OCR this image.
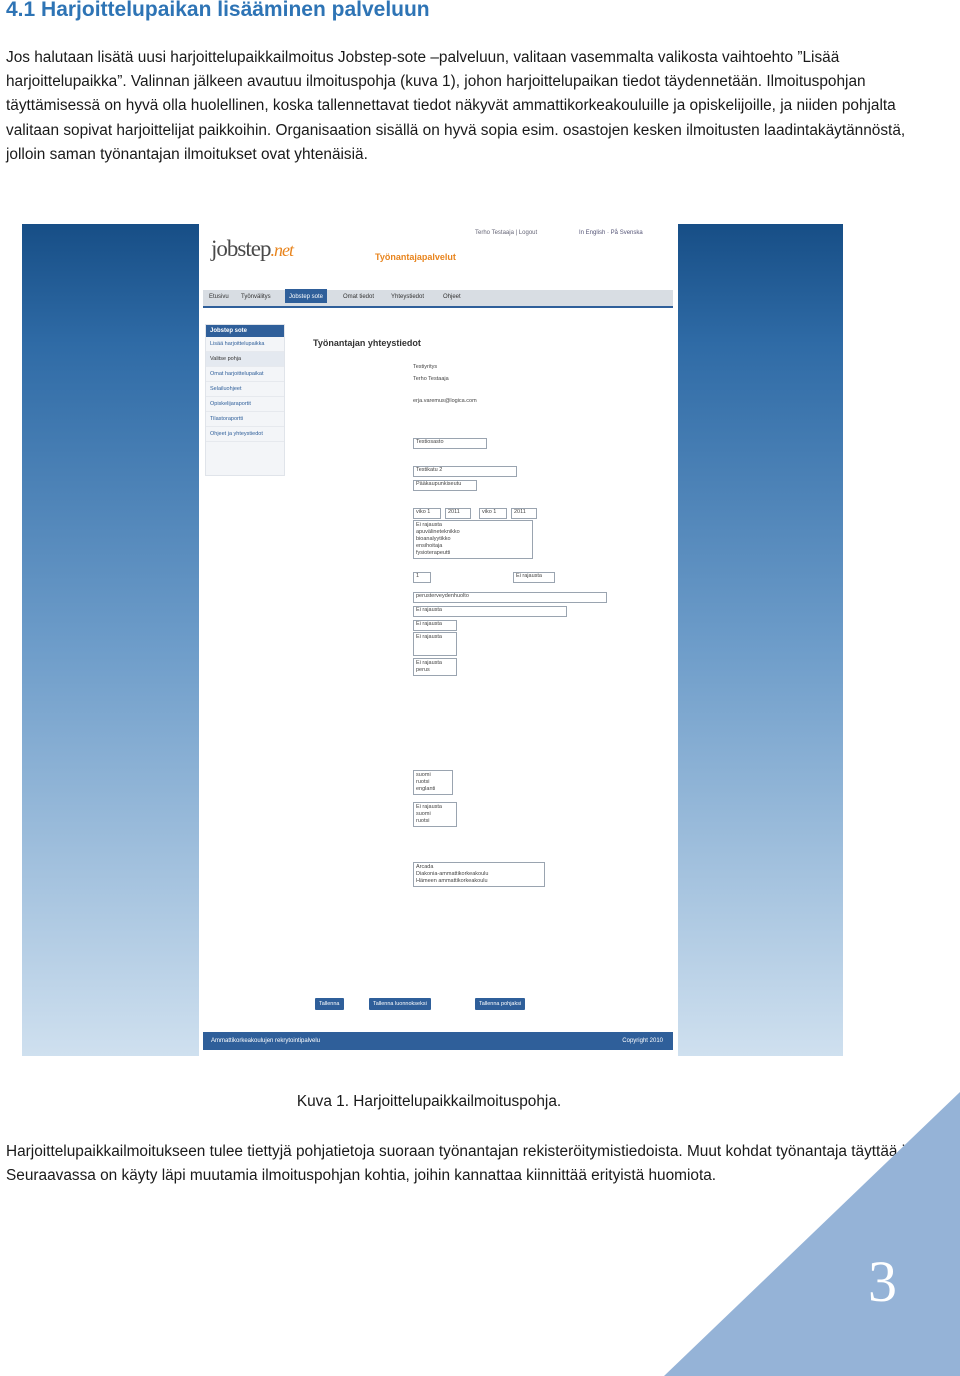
4.1 Harjoittelupaikan lisääminen palveluun

Jos halutaan lisätä uusi harjoittelupaikkailmoitus Jobstep-sote –palveluun, valitaan vasemmalta valikosta vaihtoehto ”Lisää harjoittelupaikka”. Valinnan jälkeen avautuu ilmoituspohja (kuva 1), johon harjoittelupaikan tiedot täydennetään. Ilmoituspohjan täyttämisessä on hyvä olla huolellinen, koska tallennettavat tiedot näkyvät ammattikorkeakouluille ja opiskelijoille, ja niiden pohjalta valitaan sopivat harjoittelijat paikkoihin. Organisaation sisällä on hyvä sopia esim. osastojen kesken ilmoitusten laadintakäytännöstä, jolloin saman työnantajan ilmoitukset ovat yhtenäisiä.

jobstep.net	Työnantajapalvelut
Terho Testaaja | Logout	In English · På Svenska
Etusivu Työnvälitys	Jobstep sote	Omat tiedot	Yhteystiedot	Ohjeet
Jobstep sote
Lisää harjoittelupaikka
Valitse pohja
Omat harjoittelupaikat
Selailuohjeet
Opiskelijaraportit
Tilastoraportti
Ohjeet ja yhteystiedot
Työnantajan yhteystiedot
Testiyritys
Terho Testaaja
erja.varemus@logica.com
Testiosasto
Testikatu 2
Pääkaupunkiseutu
viko 1	2011	viko 1	2011
Ei rajausta
apuvälineteknikko
bioanalyytikko
ensihoitaja
fysioterapeutti
1	Ei rajausta
perusterveydenhuolto
Ei rajausta
Ei rajausta
Ei rajausta
Ei rajausta
perus
suomi
ruotsi
englanti
Ei rajausta
suomi
ruotsi
Arcada
Diakonia-ammattikorkeakoulu
Hämeen ammattikorkeakoulu
Tallenna	Tallenna luonnokseksi	Tallenna pohjaksi
Ammattikorkeakoulujen rekrytointipalvelu	Copyright 2010
Kuva 1. Harjoittelupaikkailmoituspohja.

Harjoittelupaikkailmoitukseen tulee tiettyjä pohjatietoja suoraan työnantajan rekisteröitymistiedoista. Muut kohdat työnantaja täyttää itse. Seuraavassa on käyty läpi muutamia ilmoituspohjan kohtia, joihin kannattaa kiinnittää erityistä huomiota.

3
